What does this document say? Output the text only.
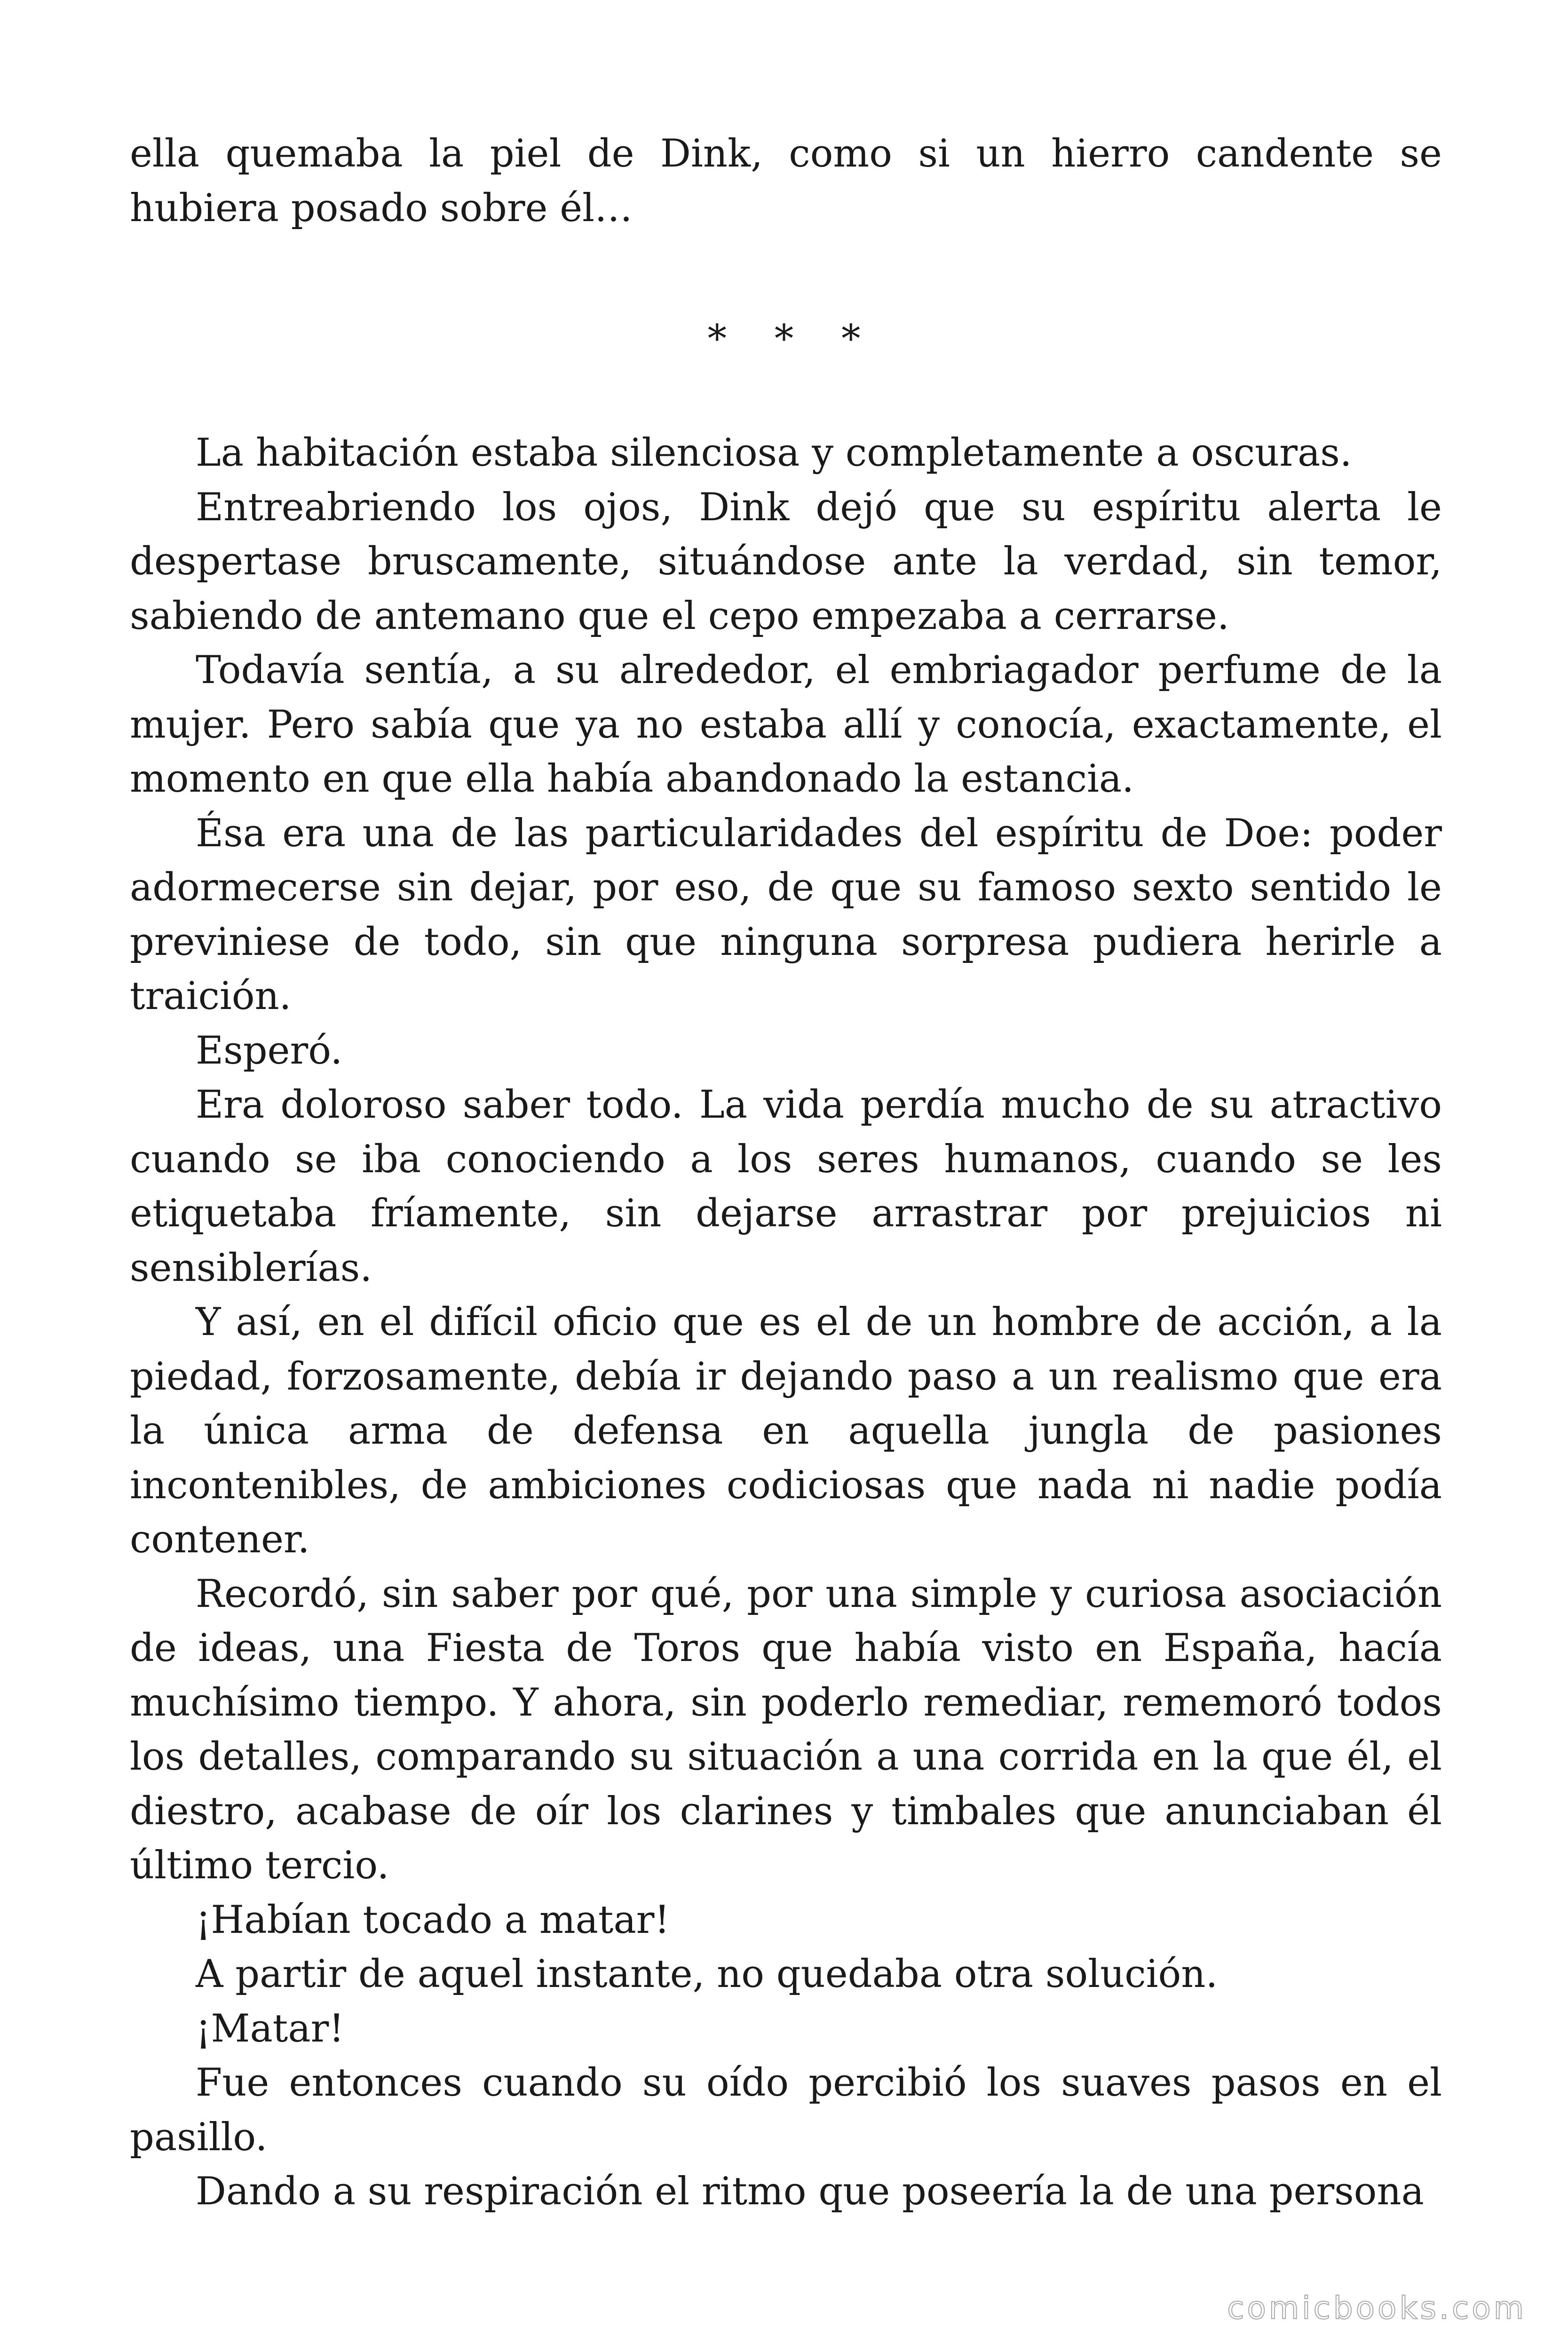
ella quemaba la piel de Dink, como si un hierro candente se hubiera posado sobre él…

* * *

La habitación estaba silenciosa y completamente a oscuras.

Entreabriendo los ojos, Dink dejó que su espíritu alerta le despertase bruscamente, situándose ante la verdad, sin temor, sabiendo de antemano que el cepo empezaba a cerrarse.

Todavía sentía, a su alrededor, el embriagador perfume de la mujer. Pero sabía que ya no estaba allí y conocía, exactamente, el momento en que ella había abandonado la estancia.

Ésa era una de las particularidades del espíritu de Doe: poder adormecerse sin dejar, por eso, de que su famoso sexto sentido le previniese de todo, sin que ninguna sorpresa pudiera herirle a traición.

Esperó.

Era doloroso saber todo. La vida perdía mucho de su atractivo cuando se iba conociendo a los seres humanos, cuando se les etiquetaba fríamente, sin dejarse arrastrar por prejuicios ni sensiblerías.

Y así, en el difícil oficio que es el de un hombre de acción, a la piedad, forzosamente, debía ir dejando paso a un realismo que era la única arma de defensa en aquella jungla de pasiones incontenibles, de ambiciones codiciosas que nada ni nadie podía contener.

Recordó, sin saber por qué, por una simple y curiosa asociación de ideas, una Fiesta de Toros que había visto en España, hacía muchísimo tiempo. Y ahora, sin poderlo remediar, rememoró todos los detalles, comparando su situación a una corrida en la que él, el diestro, acabase de oír los clarines y timbales que anunciaban él último tercio.

¡Habían tocado a matar!

A partir de aquel instante, no quedaba otra solución.

¡Matar!

Fue entonces cuando su oído percibió los suaves pasos en el pasillo.

Dando a su respiración el ritmo que poseería la de una persona

comicbooks.com
